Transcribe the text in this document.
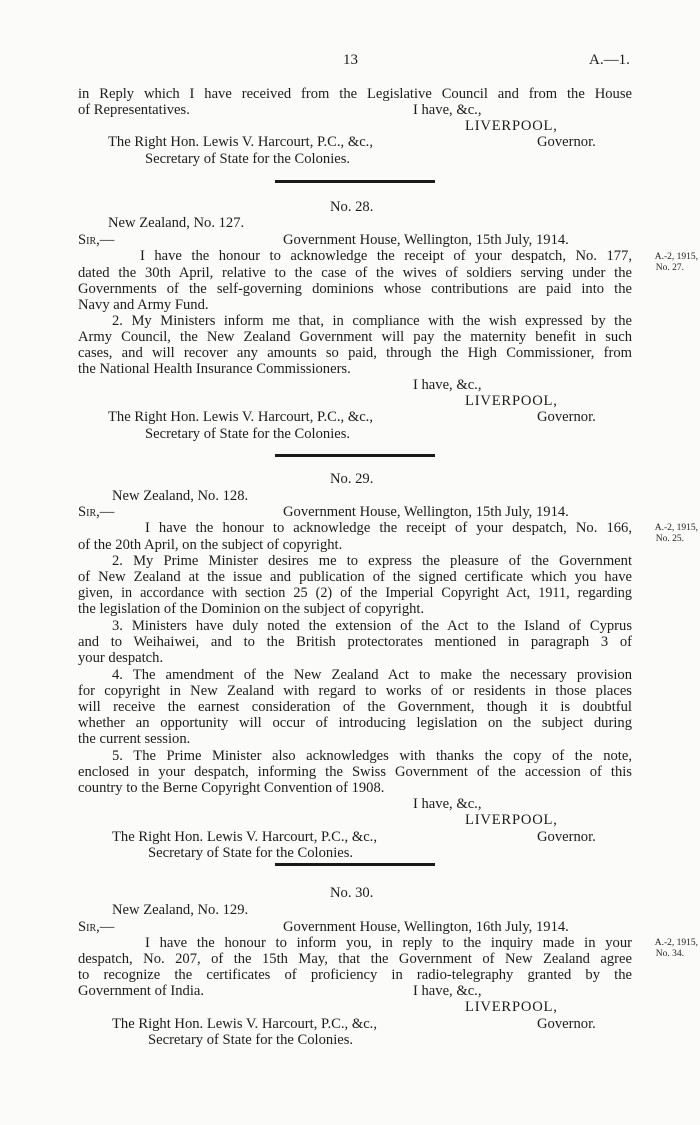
13	A.—1.
in Reply which I have received from the Legislative Council and from the House
of Representatives.	I have, &c.,
LIVERPOOL,
The Right Hon. Lewis V. Harcourt, P.C., &c.,	Governor.
Secretary of State for the Colonies.
No. 28.
New Zealand, No. 127.
Sir,—	Government House, Wellington, 15th July, 1914.
I have the honour to acknowledge the receipt of your despatch, No. 177,
dated the 30th April, relative to the case of the wives of soldiers serving under the
Governments of the self-governing dominions whose contributions are paid into the
Navy and Army Fund.
2. My Ministers inform me that, in compliance with the wish expressed by the
Army Council, the New Zealand Government will pay the maternity benefit in such
cases, and will recover any amounts so paid, through the High Commissioner, from
the National Health Insurance Commissioners.
A.-2, 1915,
No. 27.
I have, &c.,
LIVERPOOL,
The Right Hon. Lewis V. Harcourt, P.C., &c.,	Governor.
Secretary of State for the Colonies.
No. 29.
New Zealand, No. 128.
Sir,—	Government House, Wellington, 15th July, 1914.
I have the honour to acknowledge the receipt of your despatch, No. 166,
of the 20th April, on the subject of copyright.
2. My Prime Minister desires me to express the pleasure of the Government
of New Zealand at the issue and publication of the signed certificate which you have
given, in accordance with section 25 (2) of the Imperial Copyright Act, 1911, regarding
the legislation of the Dominion on the subject of copyright.
3. Ministers have duly noted the extension of the Act to the Island of Cyprus
and to Weihaiwei, and to the British protectorates mentioned in paragraph 3 of
your despatch.
4. The amendment of the New Zealand Act to make the necessary provision
for copyright in New Zealand with regard to works of or residents in those places
will receive the earnest consideration of the Government, though it is doubtful
whether an opportunity will occur of introducing legislation on the subject during
the current session.
5. The Prime Minister also acknowledges with thanks the copy of the note,
enclosed in your despatch, informing the Swiss Government of the accession of this
country to the Berne Copyright Convention of 1908.
A.-2, 1915,
No. 25.
I have, &c.,
LIVERPOOL,
The Right Hon. Lewis V. Harcourt, P.C., &c.,	Governor.
Secretary of State for the Colonies.
No. 30.
New Zealand, No. 129.
Sir,—	Government House, Wellington, 16th July, 1914.
I have the honour to inform you, in reply to the inquiry made in your
despatch, No. 207, of the 15th May, that the Government of New Zealand agree
to recognize the certificates of proficiency in radio-telegraphy granted by the
Government of India.
A.-2, 1915,
No. 34.
I have, &c.,
LIVERPOOL,
The Right Hon. Lewis V. Harcourt, P.C., &c.,	Governor.
Secretary of State for the Colonies.
